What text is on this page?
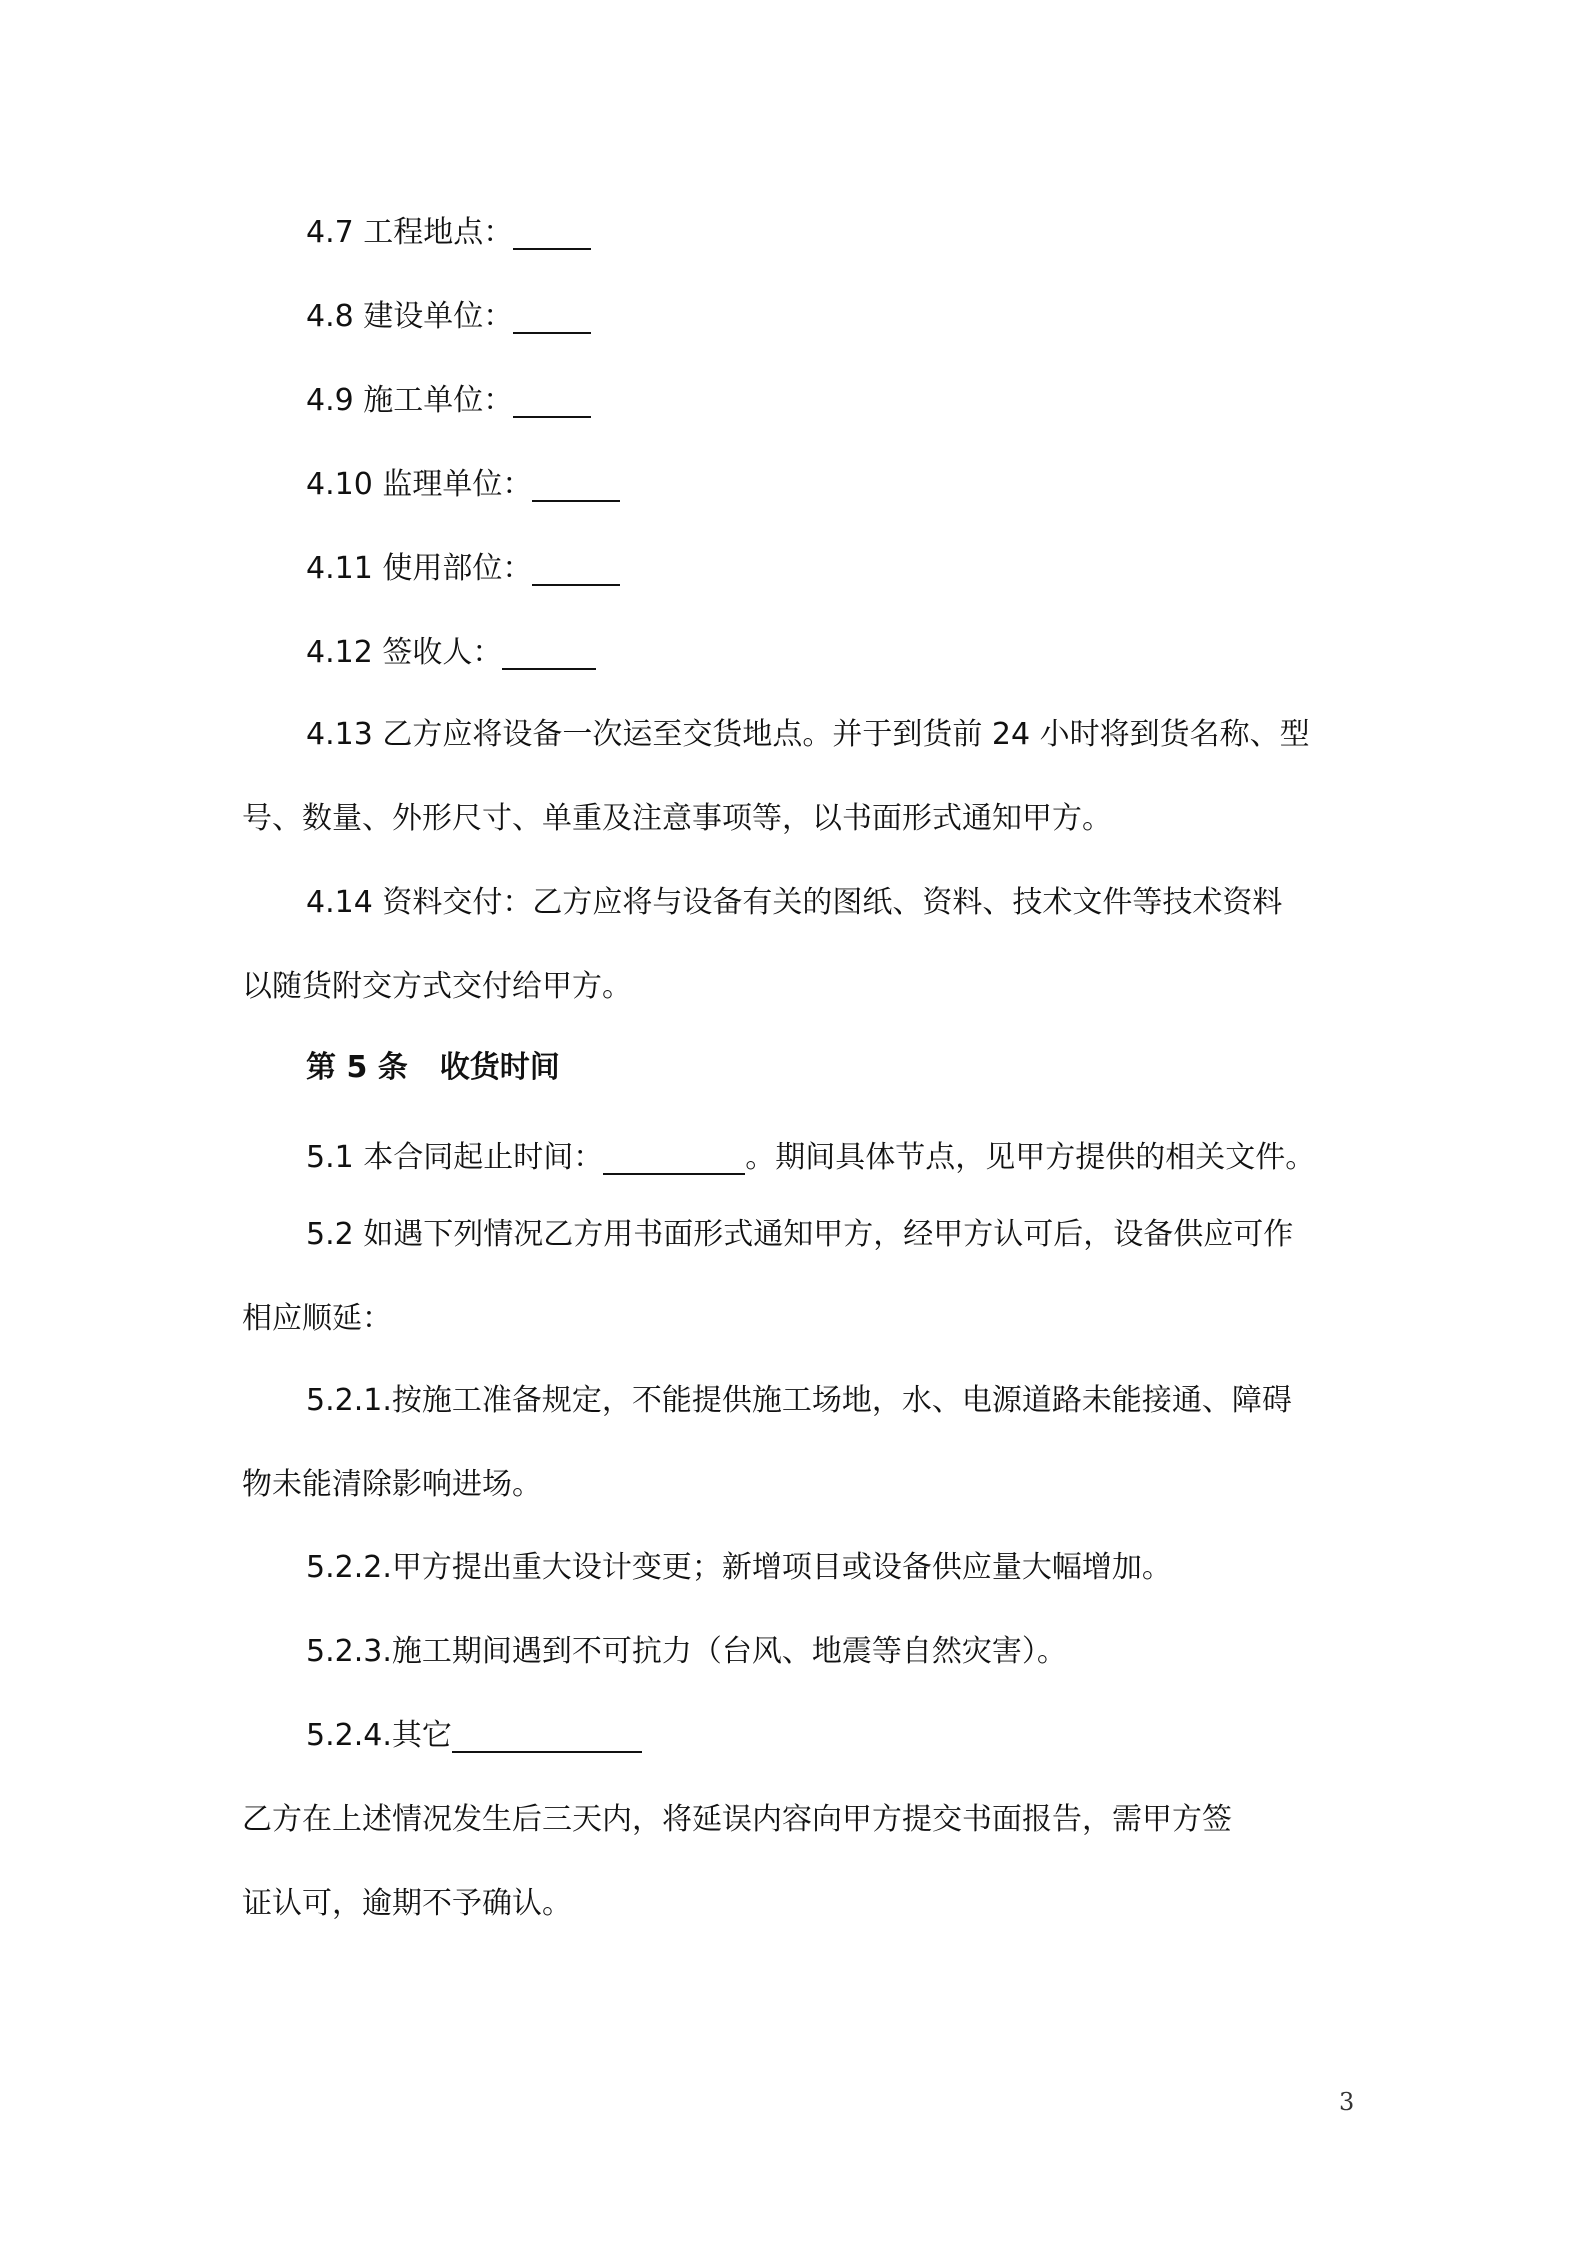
4.7 工程地点：
4.8 建设单位：
4.9 施工单位：
4.10 监理单位：
4.11 使用部位：
4.12 签收人：
4.13 乙方应将设备一次运至交货地点。并于到货前 24 小时将到货名称、型
号、数量、外形尺寸、单重及注意事项等，以书面形式通知甲方。
4.14 资料交付：乙方应将与设备有关的图纸、资料、技术文件等技术资料
以随货附交方式交付给甲方。
第 5 条 收货时间
5.1 本合同起止时间：	。期间具体节点，见甲方提供的相关文件。
5.2 如遇下列情况乙方用书面形式通知甲方，经甲方认可后，设备供应可作
相应顺延：
5.2.1.按施工准备规定，不能提供施工场地，水、电源道路未能接通、障碍
物未能清除影响进场。
5.2.2.甲方提出重大设计变更；新增项目或设备供应量大幅增加。
5.2.3.施工期间遇到不可抗力（台风、地震等自然灾害）。
5.2.4.其它
乙方在上述情况发生后三天内，将延误内容向甲方提交书面报告，需甲方签
证认可，逾期不予确认。
3
